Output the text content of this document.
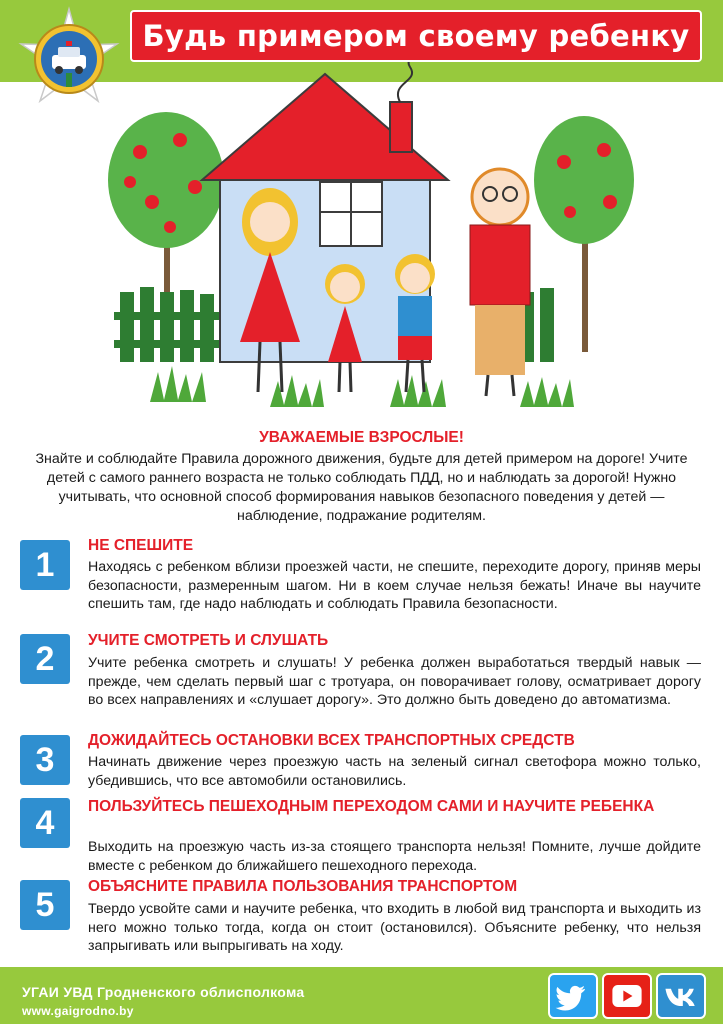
Будь примером своему ребенку
УВАЖАЕМЫЕ ВЗРОСЛЫЕ!
Знайте и соблюдайте Правила дорожного движения, будьте для детей примером на дороге! Учите детей с самого раннего возраста не только соблюдать ПДД, но и наблюдать за дорогой! Нужно учитывать, что основной способ формирования навыков безопасного поведения у детей — наблюдение, подражание родителям.
1
НЕ СПЕШИТЕ
Находясь с ребенком вблизи проезжей части, не спешите, переходите дорогу, приняв меры безопасности, размеренным шагом. Ни в коем случае нельзя бежать! Иначе вы научите спешить там, где надо наблюдать и соблюдать Правила безопасности.
2	УЧИТЕ СМОТРЕТЬ И СЛУШАТЬ
Учите ребенка смотреть и слушать! У ребенка должен выработаться твердый навык — прежде, чем сделать первый шаг с тротуара, он поворачивает голову, осматривает дорогу во всех направлениях и «слушает дорогу». Это должно быть доведено до автоматизма.
3
ДОЖИДАЙТЕСЬ ОСТАНОВКИ ВСЕХ ТРАНСПОРТНЫХ СРЕДСТВ
Начинать движение через проезжую часть на зеленый сигнал светофора можно только, убедившись, что все автомобили остановились.
4	ПОЛЬЗУЙТЕСЬ ПЕШЕХОДНЫМ ПЕРЕХОДОМ САМИ И НАУЧИТЕ РЕБЕНКА
Выходить на проезжую часть из-за стоящего транспорта нельзя! Помните, лучше дойдите вместе с ребенком до ближайшего пешеходного перехода.
5	ОБЪЯСНИТЕ ПРАВИЛА ПОЛЬЗОВАНИЯ ТРАНСПОРТОМ
Твердо усвойте сами и научите ребенка, что входить в любой вид транспорта и выходить из него можно только тогда, когда он стоит (остановился). Объясните ребенку, что нельзя запрыгивать или выпрыгивать на ходу.
УГАИ УВД Гродненского облисполкома
www.gaigrodno.by
